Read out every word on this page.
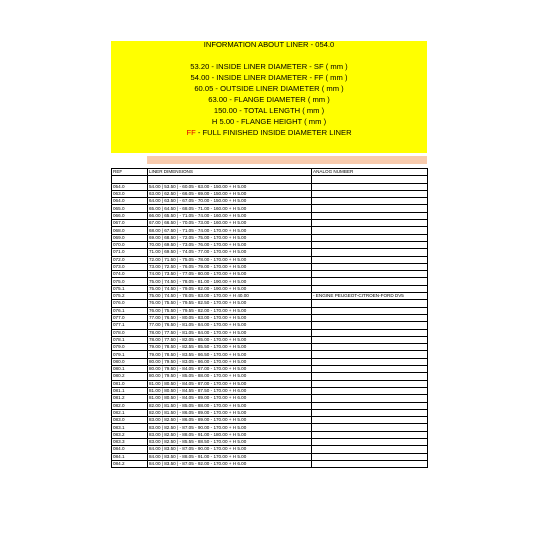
INFORMATION ABOUT LINER - 054.0
53.20 - INSIDE LINER DIAMETER - SF ( mm )
54.00 - INSIDE LINER DIAMETER - FF ( mm )
60.05 - OUTSIDE LINER DIAMETER ( mm )
63.00 - FLANGE DIAMETER ( mm )
150.00 - TOTAL LENGTH ( mm )
H 5.00 - FLANGE HEIGHT ( mm )
FF - FULL FINISHED INSIDE DIAMETER LINER
REF	LINER DIMENSIONS	ANALOG NUMBER

054.0	54.00 | 53.50 | - 60.05 - 63.00 - 150.00 + H 5.00	
063.0	63.00 | 62.50 | - 66.05 - 69.00 - 150.00 + H 5.00	
064.0	64.00 | 63.50 | - 67.05 - 70.00 - 150.00 + H 5.00	
065.0	65.00 | 64.50 | - 68.05 - 71.00 - 160.00 + H 5.00	
066.0	66.00 | 65.50 | - 71.05 - 74.00 - 160.00 + H 5.00	
067.0	67.00 | 66.50 | - 70.05 - 73.00 - 160.00 + H 5.00	
068.0	68.00 | 67.50 | - 71.05 - 74.00 - 170.00 + H 5.00	
069.0	69.00 | 68.50 | - 72.05 - 75.00 - 170.00 + H 5.00	
070.0	70.00 | 69.50 | - 73.05 - 76.00 - 170.00 + H 5.00	
071.0	71.00 | 69.50 | - 74.05 - 77.00 - 170.00 + H 5.00	
072.0	72.00 | 71.50 | - 75.05 - 78.00 - 170.00 + H 5.00	
073.0	73.00 | 72.50 | - 76.05 - 79.00 - 170.00 + H 5.00	
074.0	74.00 | 73.50 | - 77.05 - 80.00 - 170.00 + H 5.00	
075.0	75.00 | 74.50 | - 78.05 - 81.00 - 190.00 + H 5.00	
075.1	75.00 | 74.50 | - 79.05 - 82.00 - 190.00 + H 5.00	
075.2	75.00 | 74.50 | - 78.05 - 83.00 - 170.00 + H 40.00	- ENGINE PEUGEOT-CITROEN-FORD DV5
076.0	76.00 | 75.50 | - 79.55 - 82.50 - 170.00 + H 5.00	
076.1	76.00 | 75.50 | - 79.55 - 82.00 - 170.00 + H 5.00	
077.0	77.00 | 76.50 | - 80.05 - 83.00 - 170.00 + H 5.00	
077.1	77.00 | 76.50 | - 81.05 - 84.00 - 170.00 + H 5.00	
078.0	78.00 | 77.50 | - 81.05 - 84.00 - 170.00 + H 5.00	
078.1	78.00 | 77.50 | - 82.05 - 85.00 - 170.00 + H 5.00	
079.0	79.00 | 78.50 | - 82.55 - 85.50 - 170.00 + H 5.00	
079.1	79.00 | 78.50 | - 83.55 - 86.50 - 170.00 + H 5.00	
080.0	80.00 | 79.50 | - 83.05 - 86.00 - 170.00 + H 5.00	
080.1	80.00 | 79.50 | - 84.05 - 87.00 - 170.00 + H 5.00	
080.2	80.00 | 79.50 | - 85.05 - 88.00 - 170.00 + H 5.00	
081.0	81.00 | 80.50 | - 84.05 - 87.00 - 170.00 + H 5.00	
081.1	81.00 | 80.50 | - 84.55 - 87.50 - 170.00 + H 6.00	
081.2	81.00 | 80.50 | - 84.05 - 89.00 - 170.00 + H 6.00	
082.0	82.00 | 81.50 | - 85.05 - 88.00 - 170.00 + H 5.00	
082.1	82.00 | 81.50 | - 86.05 - 89.00 - 170.00 + H 5.00	
083.0	83.00 | 82.50 | - 86.05 - 89.00 - 170.00 + H 5.00	
083.1	83.00 | 82.50 | - 87.05 - 90.00 - 170.00 + H 5.00	
083.2	83.00 | 82.50 | - 88.05 - 91.00 - 180.00 + H 5.00	
083.3	83.00 | 82.50 | - 85.55 - 88.50 - 170.00 + H 5.00	
084.0	84.00 | 83.50 | - 87.05 - 90.00 - 170.00 + H 5.00	
084.1	84.00 | 83.50 | - 88.05 - 91.00 - 170.00 + H 5.00	
084.2	84.00 | 83.50 | - 87.05 - 92.00 - 170.00 + H 6.00	
